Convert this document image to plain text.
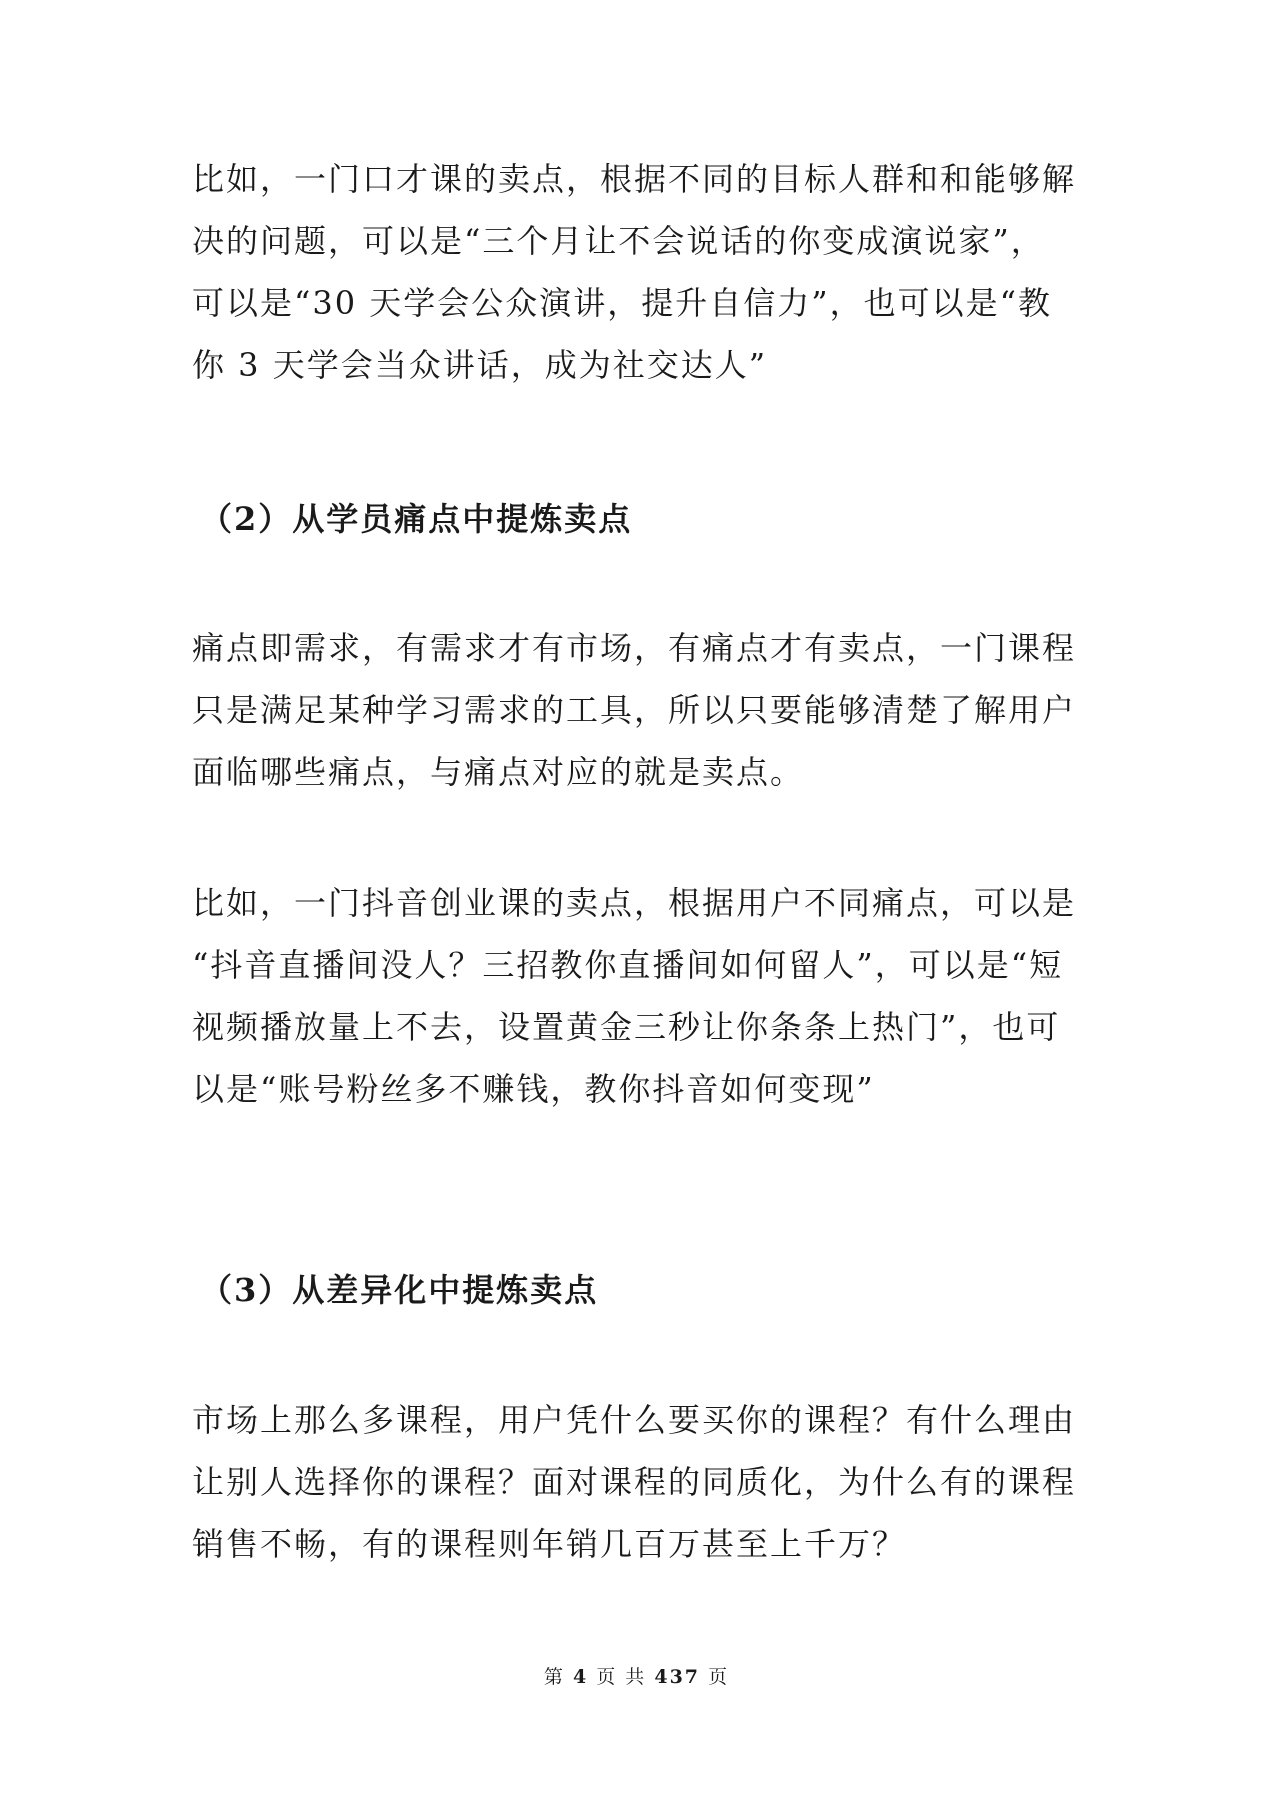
比如，一门口才课的卖点，根据不同的目标人群和和能够解
决的问题，可以是“三个月让不会说话的你变成演说家”，
可以是“30 天学会公众演讲，提升自信力”，也可以是“教
你 3 天学会当众讲话，成为社交达人”

（2）从学员痛点中提炼卖点

痛点即需求，有需求才有市场，有痛点才有卖点，一门课程
只是满足某种学习需求的工具，所以只要能够清楚了解用户
面临哪些痛点，与痛点对应的就是卖点。

比如，一门抖音创业课的卖点，根据用户不同痛点，可以是
“抖音直播间没人？三招教你直播间如何留人”，可以是“短
视频播放量上不去，设置黄金三秒让你条条上热门”，也可
以是“账号粉丝多不赚钱，教你抖音如何变现”

（3）从差异化中提炼卖点

市场上那么多课程，用户凭什么要买你的课程？有什么理由
让别人选择你的课程？面对课程的同质化，为什么有的课程
销售不畅，有的课程则年销几百万甚至上千万？

第 4 页 共 437 页
